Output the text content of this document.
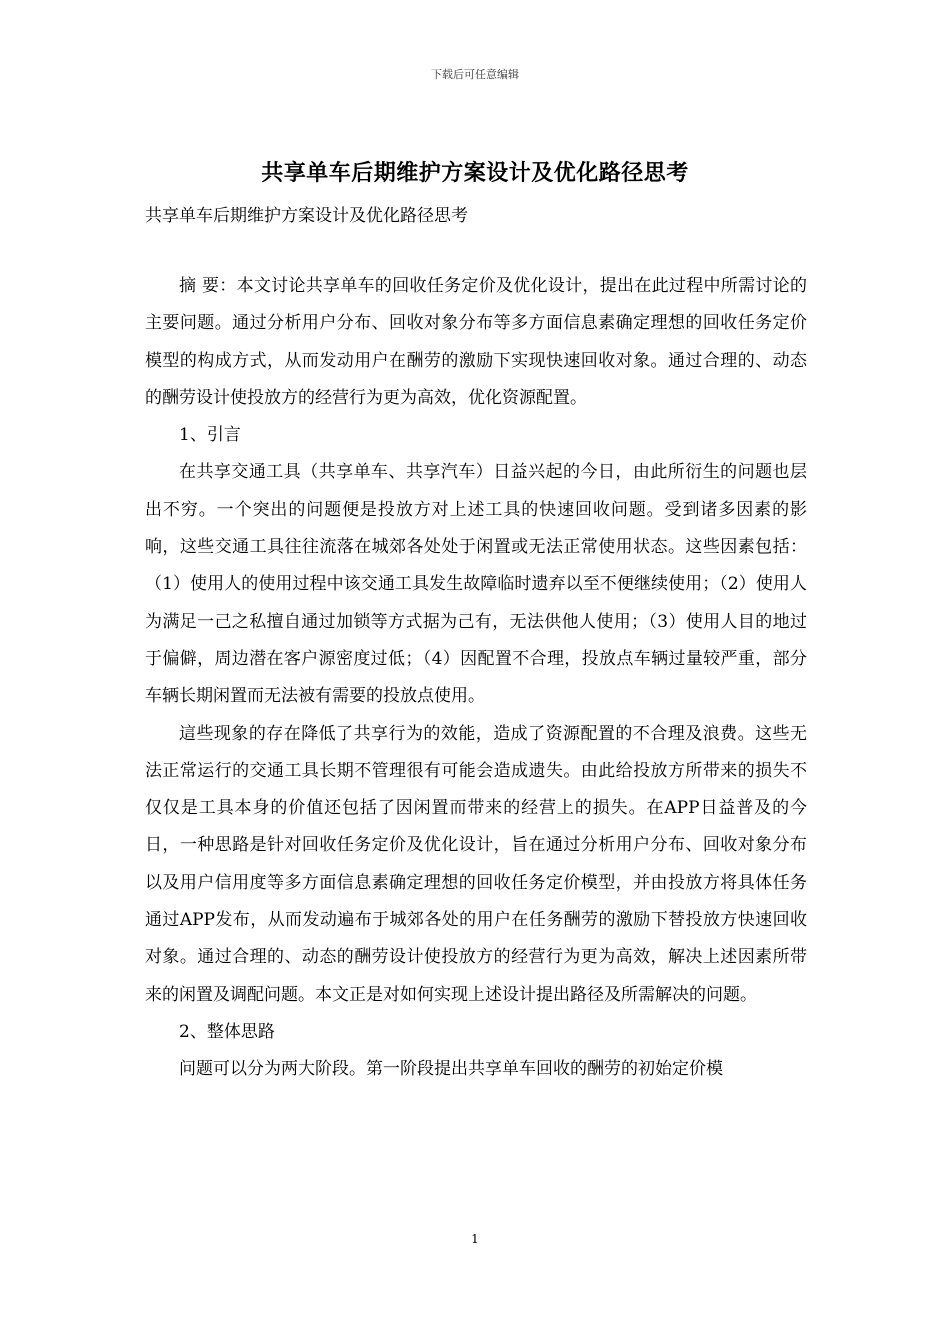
下载后可任意编辑
共享单车后期维护方案设计及优化路径思考
共享单车后期维护方案设计及优化路径思考

摘 要：本文讨论共享单车的回收任务定价及优化设计，提出在此过程中所需讨论的主要问题。通过分析用户分布、回收对象分布等多方面信息素确定理想的回收任务定价模型的构成方式，从而发动用户在酬劳的激励下实现快速回收对象。通过合理的、动态的酬劳设计使投放方的经营行为更为高效，优化资源配置。

1、引言

在共享交通工具（共享单车、共享汽车）日益兴起的今日，由此所衍生的问题也层出不穷。一个突出的问题便是投放方对上述工具的快速回收问题。受到诸多因素的影响，这些交通工具往往流落在城郊各处处于闲置或无法正常使用状态。这些因素包括：（1）使用人的使用过程中该交通工具发生故障临时遗弃以至不便继续使用；（2）使用人为满足一己之私擅自通过加锁等方式据为己有，无法供他人使用；（3）使用人目的地过于偏僻，周边潜在客户源密度过低；（4）因配置不合理，投放点车辆过量较严重，部分车辆长期闲置而无法被有需要的投放点使用。

這些现象的存在降低了共享行为的效能，造成了资源配置的不合理及浪费。这些无法正常运行的交通工具长期不管理很有可能会造成遗失。由此给投放方所带来的损失不仅仅是工具本身的价值还包括了因闲置而带来的经营上的损失。在APP日益普及的今日，一种思路是针对回收任务定价及优化设计，旨在通过分析用户分布、回收对象分布以及用户信用度等多方面信息素确定理想的回收任务定价模型，并由投放方将具体任务通过APP发布，从而发动遍布于城郊各处的用户在任务酬劳的激励下替投放方快速回收对象。通过合理的、动态的酬劳设计使投放方的经营行为更为高效，解决上述因素所带来的闲置及调配问题。本文正是对如何实现上述设计提出路径及所需解决的问题。

2、整体思路

问题可以分为两大阶段。第一阶段提出共享单车回收的酬劳的初始定价模

1
